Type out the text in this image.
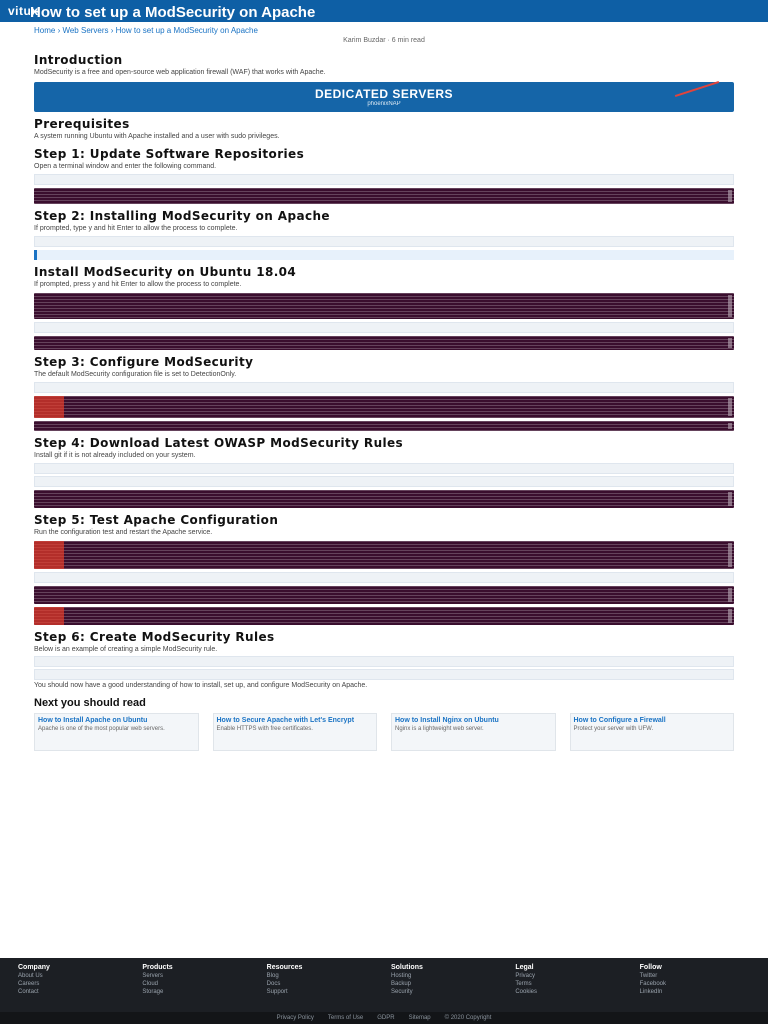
vitux
How to set up a ModSecurity on Apache
Home › Web Servers › How to set up a ModSecurity on Apache
Karim Buzdar · 6 min read
Introduction

ModSecurity is a free and open-source web application firewall (WAF) that works with Apache.

DEDICATED SERVERS
phoenixNAP
Prerequisites

A system running Ubuntu with Apache installed and a user with sudo privileges.

Step 1: Update Software Repositories

Open a terminal window and enter the following command.

Step 2: Installing ModSecurity on Apache

If prompted, type y and hit Enter to allow the process to complete.

Install ModSecurity on Ubuntu 18.04

If prompted, press y and hit Enter to allow the process to complete.

Step 3: Configure ModSecurity

The default ModSecurity configuration file is set to DetectionOnly.

Step 4: Download Latest OWASP ModSecurity Rules

Install git if it is not already included on your system.

Step 5: Test Apache Configuration

Run the configuration test and restart the Apache service.

Step 6: Create ModSecurity Rules

Below is an example of creating a simple ModSecurity rule.

You should now have a good understanding of how to install, set up, and configure ModSecurity on Apache.

Next you should read
How to Install Apache on Ubuntu
Apache is one of the most popular web servers.
How to Secure Apache with Let's Encrypt
Enable HTTPS with free certificates.
How to Install Nginx on Ubuntu
Nginx is a lightweight web server.
How to Configure a Firewall
Protect your server with UFW.
Company
About Us
Careers
Contact
Products
Servers
Cloud
Storage
Resources
Blog
Docs
Support
Solutions
Hosting
Backup
Security
Legal
Privacy
Terms
Cookies
Follow
Twitter
Facebook
LinkedIn
Privacy Policy Terms of Use GDPR Sitemap © 2020 Copyright
